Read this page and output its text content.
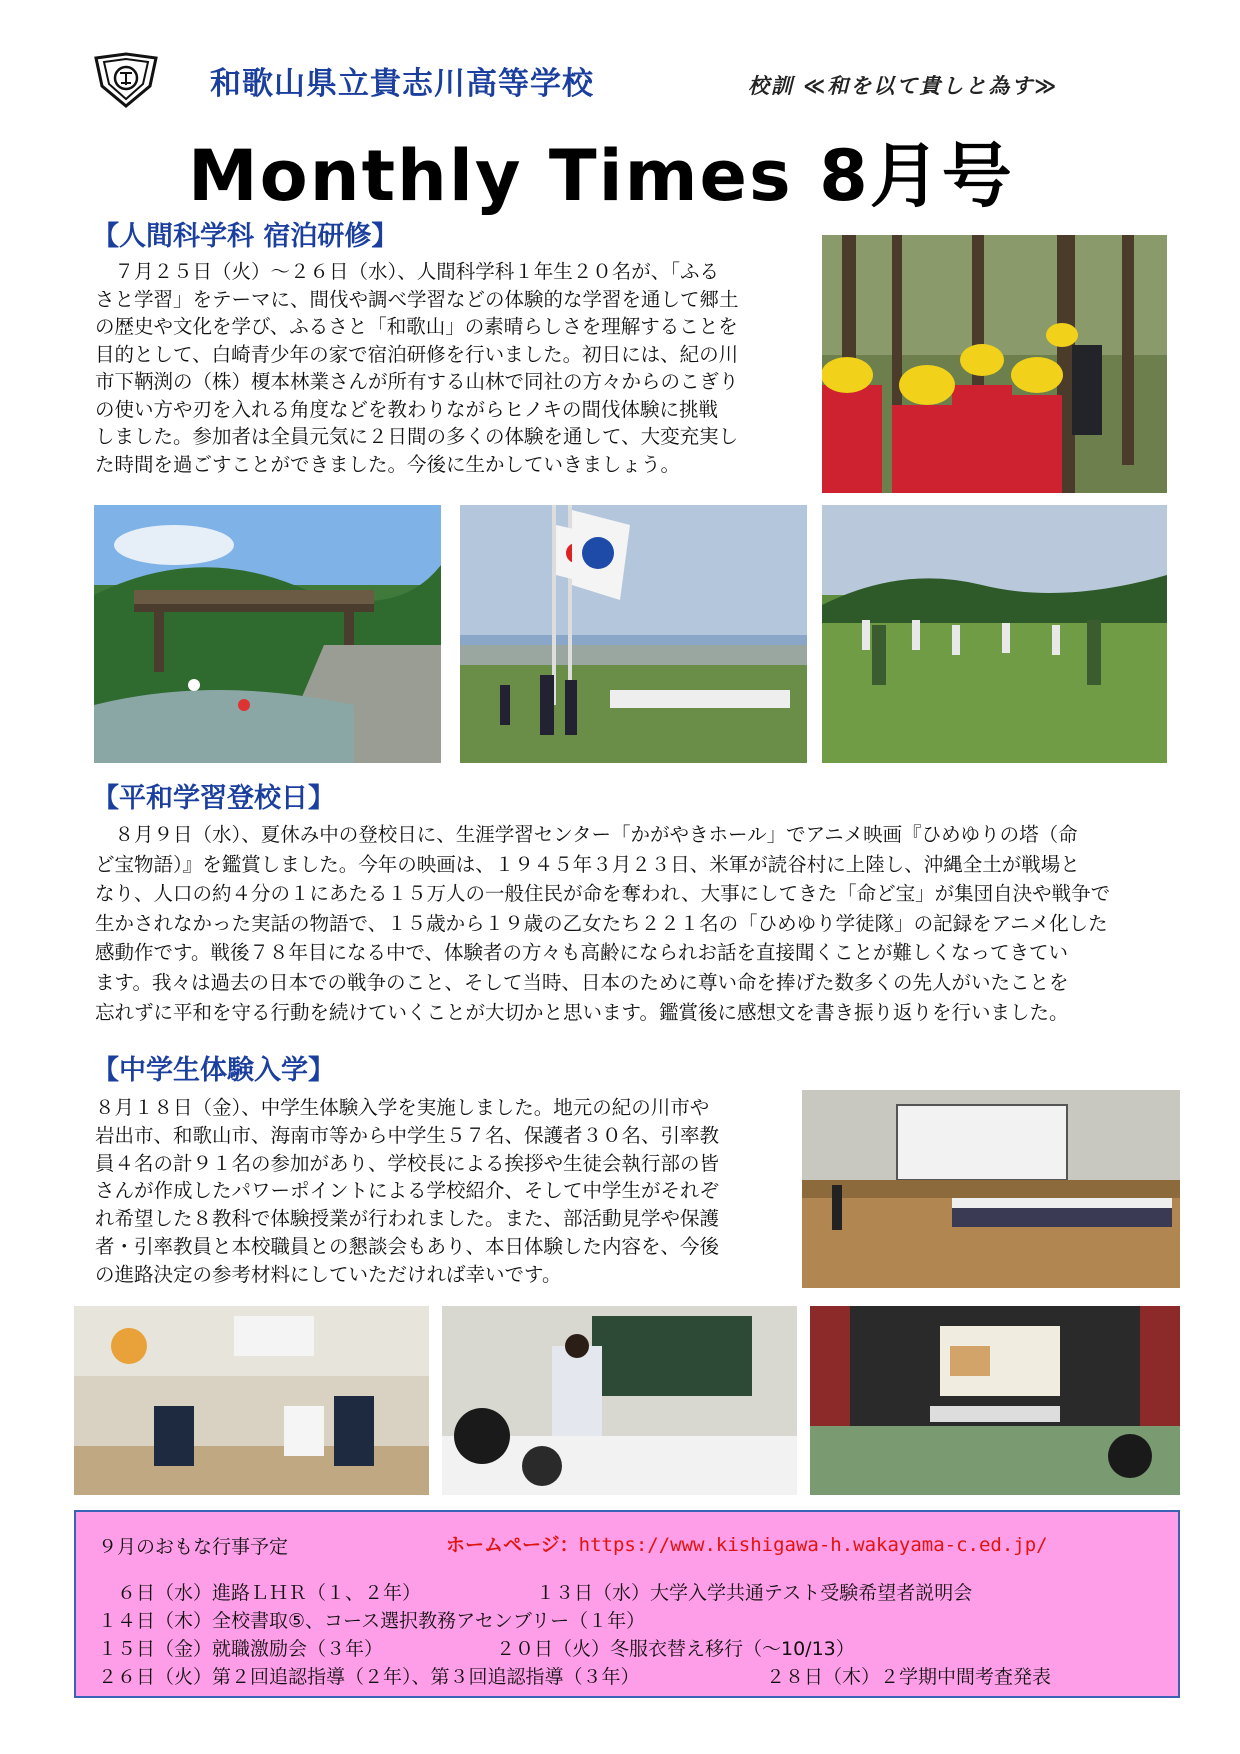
和歌山県立貴志川高等学校	校訓 ≪和を以て貴しと為す≫
Monthly Times 8月号
【人間科学科 宿泊研修】
　７月２５日（火）～２６日（水）、人間科学科１年生２０名が、「ふる
さと学習」をテーマに、間伐や調べ学習などの体験的な学習を通して郷土
の歴史や文化を学び、ふるさと「和歌山」の素晴らしさを理解することを
目的として、白崎青少年の家で宿泊研修を行いました。初日には、紀の川
市下鞆渕の（株）榎本林業さんが所有する山林で同社の方々からのこぎり
の使い方や刃を入れる角度などを教わりながらヒノキの間伐体験に挑戦
しました。参加者は全員元気に２日間の多くの体験を通して、大変充実し
た時間を過ごすことができました。今後に生かしていきましょう。
【平和学習登校日】
　８月９日（水）、夏休み中の登校日に、生涯学習センター「かがやきホール」でアニメ映画『ひめゆりの塔（命
ど宝物語）』を鑑賞しました。今年の映画は、１９４５年３月２３日、米軍が読谷村に上陸し、沖縄全土が戦場と
なり、人口の約４分の１にあたる１５万人の一般住民が命を奪われ、大事にしてきた「命ど宝」が集団自決や戦争で
生かされなかった実話の物語で、１５歳から１９歳の乙女たち２２１名の「ひめゆり学徒隊」の記録をアニメ化した
感動作です。戦後７８年目になる中で、体験者の方々も高齢になられお話を直接聞くことが難しくなってきてい
ます。我々は過去の日本での戦争のこと、そして当時、日本のために尊い命を捧げた数多くの先人がいたことを
忘れずに平和を守る行動を続けていくことが大切かと思います。鑑賞後に感想文を書き振り返りを行いました。
【中学生体験入学】
８月１８日（金）、中学生体験入学を実施しました。地元の紀の川市や
岩出市、和歌山市、海南市等から中学生５７名、保護者３０名、引率教
員４名の計９１名の参加があり、学校長による挨拶や生徒会執行部の皆
さんが作成したパワーポイントによる学校紹介、そして中学生がそれぞ
れ希望した８教科で体験授業が行われました。また、部活動見学や保護
者・引率教員と本校職員との懇談会もあり、本日体験した内容を、今後
の進路決定の参考材料にしていただければ幸いです。
９月のおもな行事予定	ホームページ：https://www.kishigawa-h.wakayama-c.ed.jp/
　６日（水）進路ＬＨＲ（１、２年）	１３日（水）大学入学共通テスト受験希望者説明会
１４日（木）全校書取⑤、コース選択教務アセンブリー（１年）
１５日（金）就職激励会（３年）	２０日（火）冬服衣替え移行（～10/13）
２６日（火）第２回追認指導（２年）、第３回追認指導（３年）	２８日（木）２学期中間考査発表
